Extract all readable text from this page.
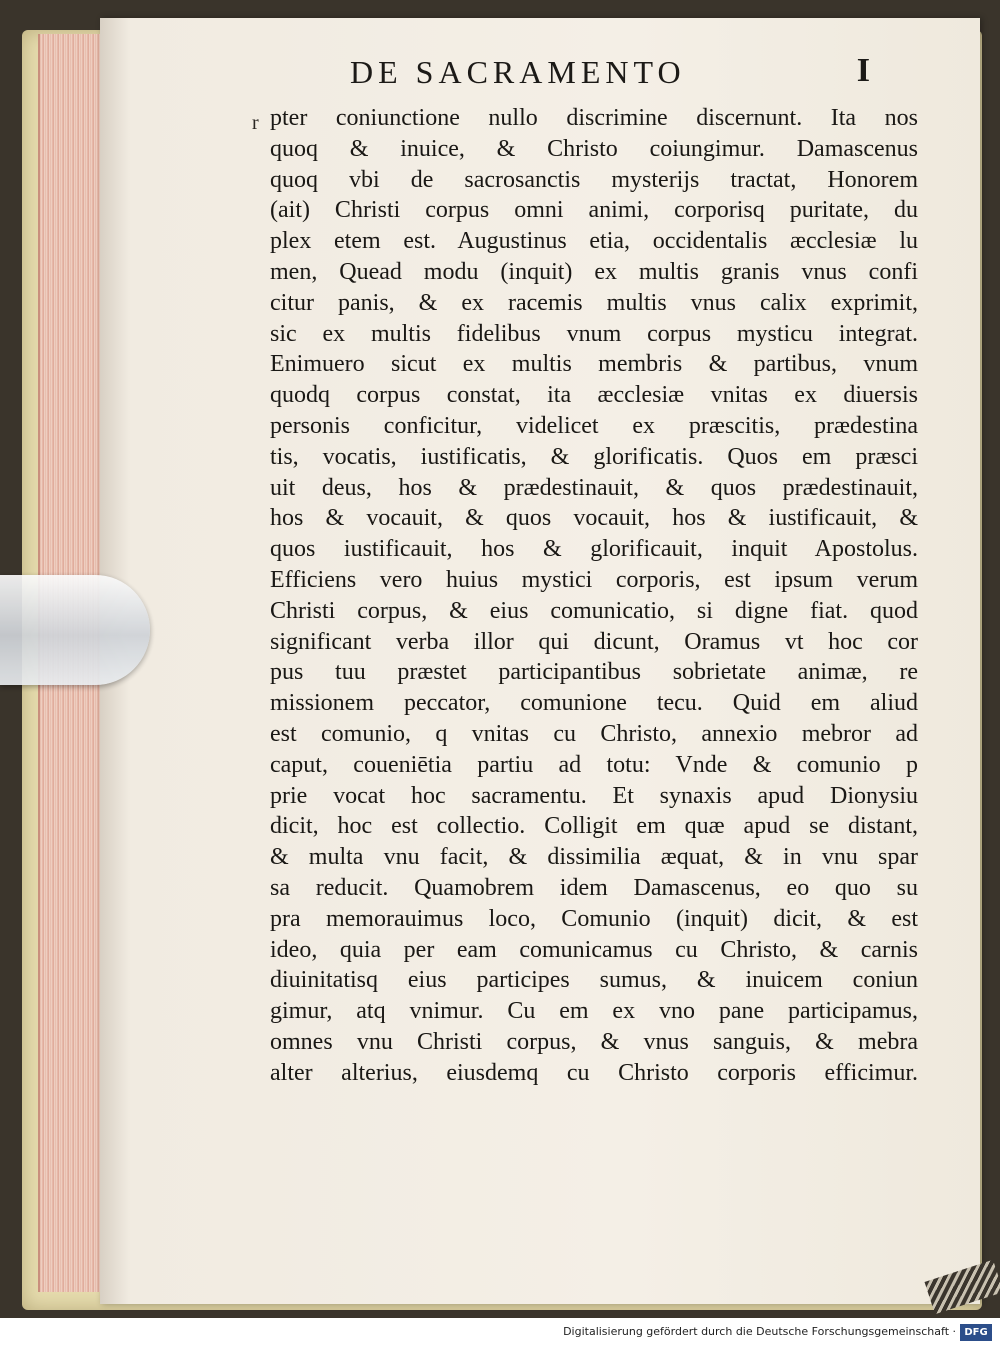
DE SACRAMENTO	I
r pter coniunctione nullo discrimine discernunt. Ita nos
quoq & inuice, & Christo coiungimur. Damascenus
quoq vbi de sacrosanctis mysterijs tractat, Honorem
(ait) Christi corpus omni animi, corporisq puritate, du
plex etem est. Augustinus etia, occidentalis æcclesiæ lu
men, Quead modu (inquit) ex multis granis vnus confi
citur panis, & ex racemis multis vnus calix exprimit,
sic ex multis fidelibus vnum corpus mysticu integrat.
Enimuero sicut ex multis membris & partibus, vnum
quodq corpus constat, ita æcclesiæ vnitas ex diuersis
personis conficitur, videlicet ex præscitis, prædestina
tis, vocatis, iustificatis, & glorificatis. Quos em præsci
uit deus, hos & prædestinauit, & quos prædestinauit,
hos & vocauit, & quos vocauit, hos & iustificauit, &
quos iustificauit, hos & glorificauit, inquit Apostolus.
Efficiens vero huius mystici corporis, est ipsum verum
Christi corpus, & eius comunicatio, si digne fiat. quod
significant verba illor qui dicunt, Oramus vt hoc cor
pus tuu præstet participantibus sobrietate animæ, re
missionem peccator, comunione tecu. Quid em aliud
est comunio, q vnitas cu Christo, annexio mebror ad
caput, coueniētia partiu ad totu: Vnde & comunio p
prie vocat hoc sacramentu. Et synaxis apud Dionysiu
dicit, hoc est collectio. Colligit em quæ apud se distant,
& multa vnu facit, & dissimilia æquat, & in vnu spar
sa reducit. Quamobrem idem Damascenus, eo quo su
pra memorauimus loco, Comunio (inquit) dicit, & est
ideo, quia per eam comunicamus cu Christo, & carnis
diuinitatisq eius participes sumus, & inuicem coniun
gimur, atq vnimur. Cu em ex vno pane participamus,
omnes vnu Christi corpus, & vnus sanguis, & mebra
alter alterius, eiusdemq cu Christo corporis efficimur.
Digitalisierung gefördert durch die Deutsche Forschungsgemeinschaft · DFG
